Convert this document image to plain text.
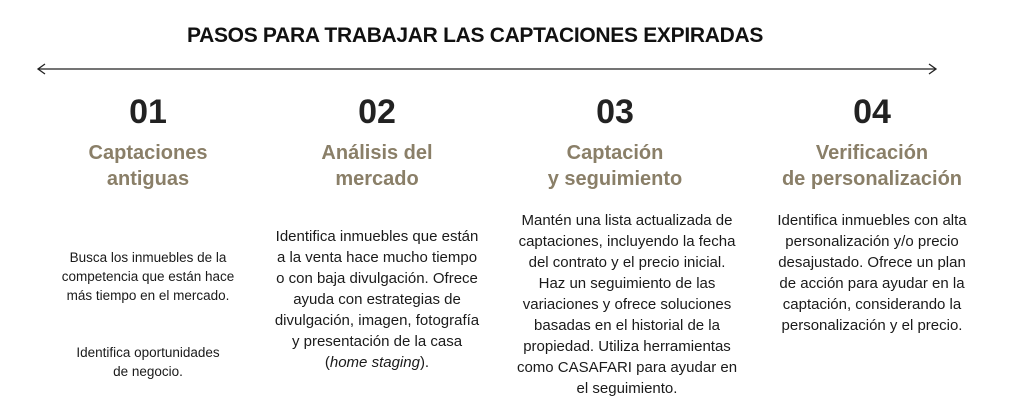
PASOS PARA TRABAJAR LAS CAPTACIONES EXPIRADAS
01
Captaciones
antiguas

Busca los inmuebles de la
competencia que están hace
más tiempo en el mercado.

Identifica oportunidades
de negocio.

02
Análisis del
mercado
Identifica inmuebles que están
a la venta hace mucho tiempo
o con baja divulgación. Ofrece
ayuda con estrategias de
divulgación, imagen, fotografía
y presentación de la casa
(home staging).
03
Captación
y seguimiento
Mantén una lista actualizada de
captaciones, incluyendo la fecha
del contrato y el precio inicial.
Haz un seguimiento de las
variaciones y ofrece soluciones
basadas en el historial de la
propiedad. Utiliza herramientas
como CASAFARI para ayudar en
el seguimiento.
04
Verificación
de personalización
Identifica inmuebles con alta
personalización y/o precio
desajustado. Ofrece un plan
de acción para ayudar en la
captación, considerando la
personalización y el precio.
